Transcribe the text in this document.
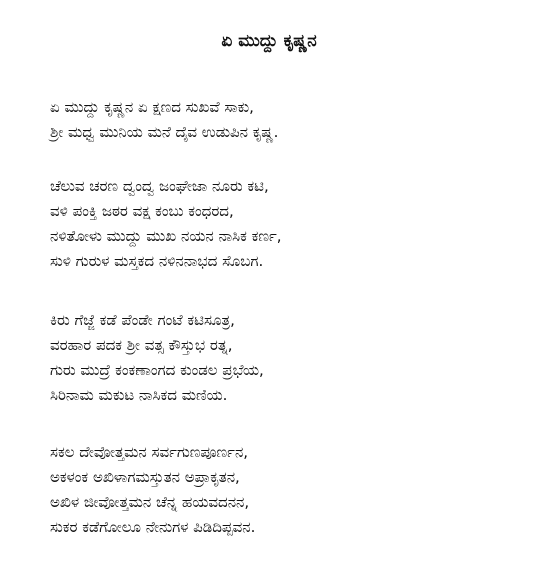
ಏ ಮುದ್ದು ಕೃಷ್ಣನ
ಏ ಮುದ್ದು ಕೃಷ್ಣನ ಏ ಕ್ಷಣದ ಸುಖವೆ ಸಾಕು,
ಶ್ರೀ ಮಧ್ವ ಮುನಿಯ ಮನೆ ದೈವ ಉಡುಪಿನ ಕೃಷ್ಣ.
ಚೆಲುವ ಚರಣ ದ್ವಂದ್ವ ಜಂಘೇಜಾ ನೂರು ಕಟಿ,
ವಳಿ ಪಂಕ್ತಿ ಜಠರ ವಕ್ಷ ಕಂಬು ಕಂಧರದ,
ನಳಿತೋಳು ಮುದ್ದು ಮುಖ ನಯನ ನಾಸಿಕ ಕರ್ಣ,
ಸುಳಿ ಗುರುಳ ಮಸ್ತಕದ ನಳಿನನಾಭದ ಸೊಬಗ.
ಕಿರು ಗೆಜ್ಜೆ ಕಡೆ ಪೆಂಡೇ ಗಂಟೆ ಕಟಿಸೂತ್ರ,
ವರಹಾರ ಪದಕ ಶ್ರೀ ವತ್ಸ ಕೌಸ್ತುಭ ರತ್ನ,
ಗುರು ಮುದ್ರೆ ಕಂಕಣಾಂಗದ ಕುಂಡಲ ಪ್ರಭೆಯ,
ಸಿರಿನಾಮ ಮಕುಟ ನಾಸಿಕದ ಮಣಿಯ.
ಸಕಲ ದೇವೋತ್ತಮನ ಸರ್ವಗುಣಪೂರ್ಣನ,
ಅಕಳಂಕ ಅಖಿಳಾಗಮಸ್ತುತನ ಅಪ್ರಾಕೃತನ,
ಅಖಿಳ ಜೀವೋತ್ತಮನ ಚೆನ್ನ ಹಯವದನನ,
ಸುಕರ ಕಡೆಗೋಲೂ ನೇನುಗಳ ಪಿಡಿದಿಪ್ಪವನ.
